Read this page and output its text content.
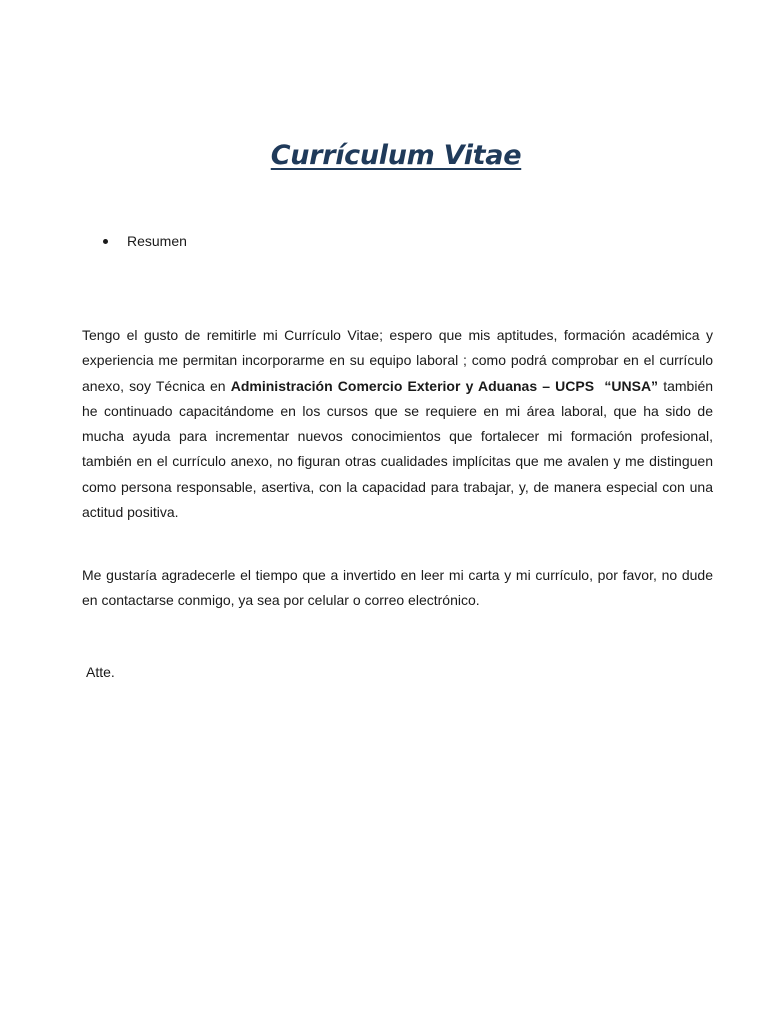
Currículum Vitae
Resumen

Tengo el gusto de remitirle mi Currículo Vitae; espero que mis aptitudes, formación académica y experiencia me permitan incorporarme en su equipo laboral ; como podrá comprobar en el currículo anexo, soy Técnica en Administración Comercio Exterior y Aduanas – UCPS “UNSA” también he continuado capacitándome en los cursos que se requiere en mi área laboral, que ha sido de mucha ayuda para incrementar nuevos conocimientos que fortalecer mi formación profesional, también en el currículo anexo, no figuran otras cualidades implícitas que me avalen y me distinguen como persona responsable, asertiva, con la capacidad para trabajar, y, de manera especial con una actitud positiva.

Me gustaría agradecerle el tiempo que a invertido en leer mi carta y mi currículo, por favor, no dude en contactarse conmigo, ya sea por celular o correo electrónico.

Atte.
